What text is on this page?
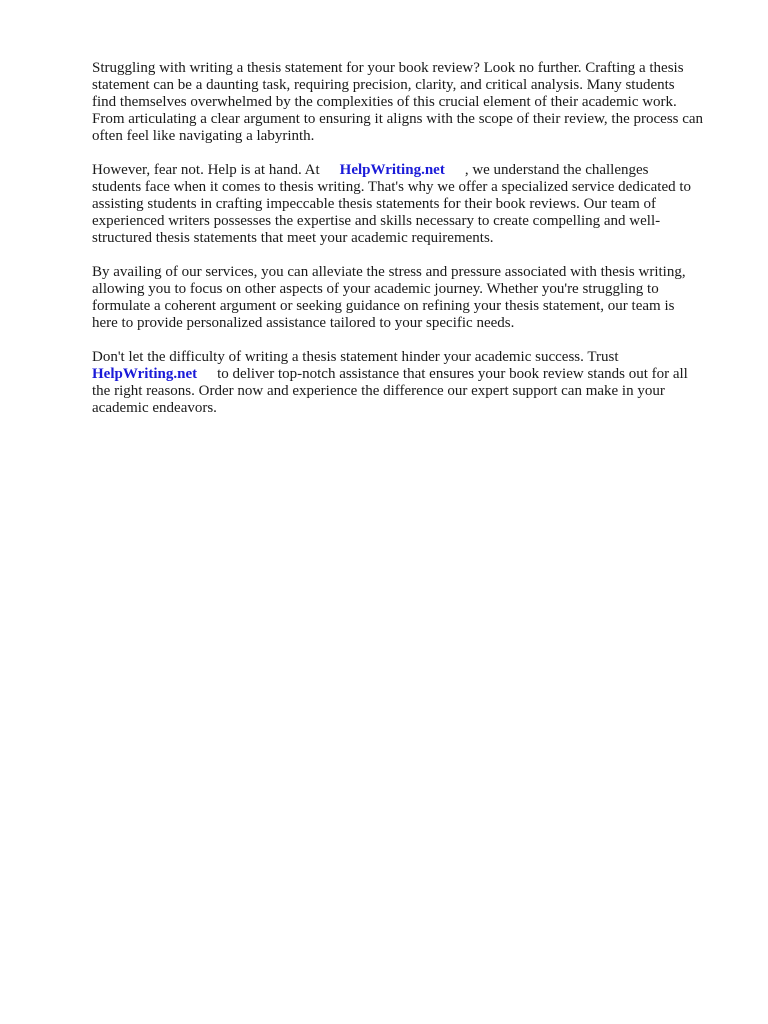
Struggling with writing a thesis statement for your book review? Look no further. Crafting a thesis
statement can be a daunting task, requiring precision, clarity, and critical analysis. Many students
find themselves overwhelmed by the complexities of this crucial element of their academic work.
From articulating a clear argument to ensuring it aligns with the scope of their review, the process can
often feel like navigating a labyrinth.

However, fear not. Help is at hand. At HelpWriting.net , we understand the challenges
students face when it comes to thesis writing. That's why we offer a specialized service dedicated to
assisting students in crafting impeccable thesis statements for their book reviews. Our team of
experienced writers possesses the expertise and skills necessary to create compelling and well-
structured thesis statements that meet your academic requirements.

By availing of our services, you can alleviate the stress and pressure associated with thesis writing,
allowing you to focus on other aspects of your academic journey. Whether you're struggling to
formulate a coherent argument or seeking guidance on refining your thesis statement, our team is
here to provide personalized assistance tailored to your specific needs.

Don't let the difficulty of writing a thesis statement hinder your academic success. Trust
HelpWriting.net to deliver top-notch assistance that ensures your book review stands out for all
the right reasons. Order now and experience the difference our expert support can make in your
academic endeavors.
